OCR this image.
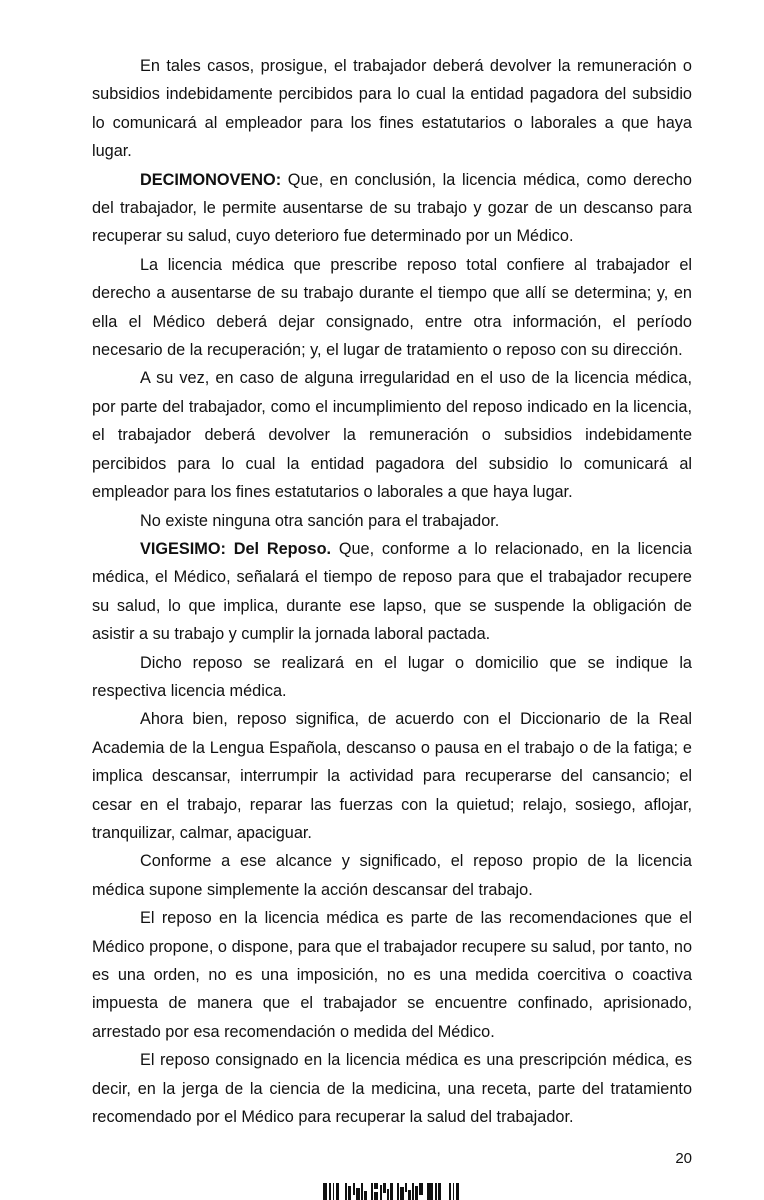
En tales casos, prosigue, el trabajador deberá devolver la remuneración o subsidios indebidamente percibidos para lo cual la entidad pagadora del subsidio lo comunicará al empleador para los fines estatutarios o laborales a que haya lugar.

DECIMONOVENO: Que, en conclusión, la licencia médica, como derecho del trabajador, le permite ausentarse de su trabajo y gozar de un descanso para recuperar su salud, cuyo deterioro fue determinado por un Médico.

La licencia médica que prescribe reposo total confiere al trabajador el derecho a ausentarse de su trabajo durante el tiempo que allí se determina; y, en ella el Médico deberá dejar consignado, entre otra información, el período necesario de la recuperación; y, el lugar de tratamiento o reposo con su dirección.

A su vez, en caso de alguna irregularidad en el uso de la licencia médica, por parte del trabajador, como el incumplimiento del reposo indicado en la licencia, el trabajador deberá devolver la remuneración o subsidios indebidamente percibidos para lo cual la entidad pagadora del subsidio lo comunicará al empleador para los fines estatutarios o laborales a que haya lugar.

No existe ninguna otra sanción para el trabajador.

VIGESIMO: Del Reposo. Que, conforme a lo relacionado, en la licencia médica, el Médico, señalará el tiempo de reposo para que el trabajador recupere su salud, lo que implica, durante ese lapso, que se suspende la obligación de asistir a su trabajo y cumplir la jornada laboral pactada.

Dicho reposo se realizará en el lugar o domicilio que se indique la respectiva licencia médica.

Ahora bien, reposo significa, de acuerdo con el Diccionario de la Real Academia de la Lengua Española, descanso o pausa en el trabajo o de la fatiga; e implica descansar, interrumpir la actividad para recuperarse del cansancio; el cesar en el trabajo, reparar las fuerzas con la quietud; relajo, sosiego, aflojar, tranquilizar, calmar, apaciguar.

Conforme a ese alcance y significado, el reposo propio de la licencia médica supone simplemente la acción descansar del trabajo.

El reposo en la licencia médica es parte de las recomendaciones que el Médico propone, o dispone, para que el trabajador recupere su salud, por tanto, no es una orden, no es una imposición, no es una medida coercitiva o coactiva impuesta de manera que el trabajador se encuentre confinado, aprisionado, arrestado por esa recomendación o medida del Médico.

El reposo consignado en la licencia médica es una prescripción médica, es decir, en la jerga de la ciencia de la medicina, una receta, parte del tratamiento recomendado por el Médico para recuperar la salud del trabajador.

20
